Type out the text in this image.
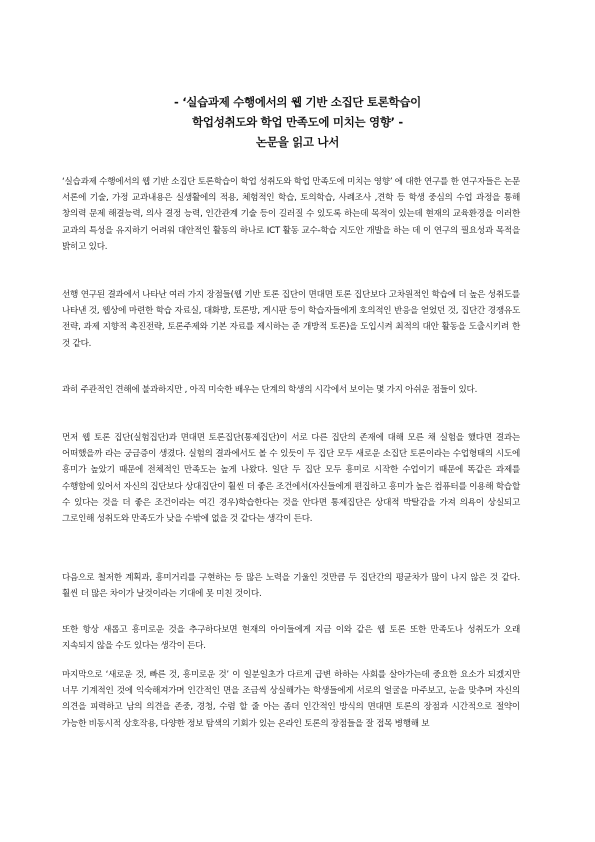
- ‘실습과제 수행에서의 웹 기반 소집단 토론학습이
학업성취도와 학업 만족도에 미치는 영향’ -
논문을 읽고 나서

‘실습과제 수행에서의 웹 기반 소집단 토론학습이 학업 성취도와 학업 만족도에 미치는 영향’ 에 대한 연구를 한 연구자들은 논문 서론에 기술, 가정 교과내용은 실생활에의 적용, 체험적인 학습, 토의학습, 사례조사 ,견학 등 학생 중심의 수업 과정을 통해 창의력 문제 해결능력, 의사 결정 능력, 인간관계 기술 등이 길러질 수 있도록 하는데 목적이 있는데 현재의 교육환경을 이러한 교과의 특성을 유지하기 어려워 대안적인 활동의 하나로 ICT 활동 교수-학습 지도안 개발을 하는 데 이 연구의 필요성과 목적을 밝히고 있다.

선행 연구된 결과에서 나타난 여러 가지 장점들(웹 기반 토론 집단이 면대면 토론 집단보다 고차원적인 학습에 더 높은 성취도를 나타낸 것, 웹상에 마련한 학습 자료실, 대화방, 토론방, 게시판 등이 학습자들에게 호의적인 반응을 얻었던 것, 집단간 경쟁유도 전략, 과제 지향적 촉진전략, 토론주제와 기본 자료를 제시하는 준 개방적 토론)을 도입시켜 최적의 대안 활동을 도출시키려 한 것 같다.

과히 주관적인 견해에 불과하지만 , 아직 미숙한 배우는 단계의 학생의 시각에서 보이는 몇 가지 아쉬운 점들이 있다.

먼저 웹 토론 집단(실험집단)과 면대면 토론집단(통제집단)이 서로 다른 집단의 존재에 대해 모른 채 실험을 했다면 결과는 어떠했을까 라는 궁금증이 생겼다. 실험의 결과에서도 볼 수 있듯이 두 집단 모두 새로운 소집단 토론이라는 수업형태의 시도에 흥미가 높았기 때문에 전체적인 만족도는 높게 나왔다. 일단 두 집단 모두 흥미로 시작한 수업이기 때문에 똑같은 과제를 수행함에 있어서 자신의 집단보다 상대집단이 훨씬 더 좋은 조건에서(자신들에게 편집하고 흥미가 높은 컴퓨터를 이용해 학습할 수 있다는 것을 더 좋은 조건이라는 여긴 경우)학습한다는 것을 안다면 통제집단은 상대적 박탈감을 가져 의욕이 상실되고 그로인해 성취도와 만족도가 낮을 수밖에 없을 것 같다는 생각이 든다.

다음으로 철저한 계획과, 흥미거리를 구현하는 등 많은 노력을 기울인 것만큼 두 집단간의 평균차가 많이 나지 않은 것 같다. 훨씬 더 많은 차이가 날것이라는 기대에 못 미친 것이다.

또한 항상 새롭고 흥미로운 것을 추구하다보면 현재의 아이들에게 지금 이와 같은 웹 토론 또한 만족도나 성취도가 오래 지속되지 않을 수도 있다는 생각이 든다.

마지막으로 ‘새로운 것, 빠른 것, 흥미로운 것’ 이 일분일초가 다르게 급변 하하는 사회를 살아가는데 중요한 요소가 되겠지만 너무 기계적인 것에 익숙해져가며 인간적인 면을 조금씩 상실해가는 학생들에게 서로의 얼굴을 마주보고, 눈을 맞추며 자신의 의견을 피력하고 남의 의견을 존중, 경청, 수렴 할 줄 아는 좀더 인간적인 방식의 면대면 토론의 장점과 시간적으로 절약이 가능한 비동시적 상호작용, 다양한 정보 탐색의 기회가 있는 온라인 토론의 장점들을 잘 접목 병행해 보
